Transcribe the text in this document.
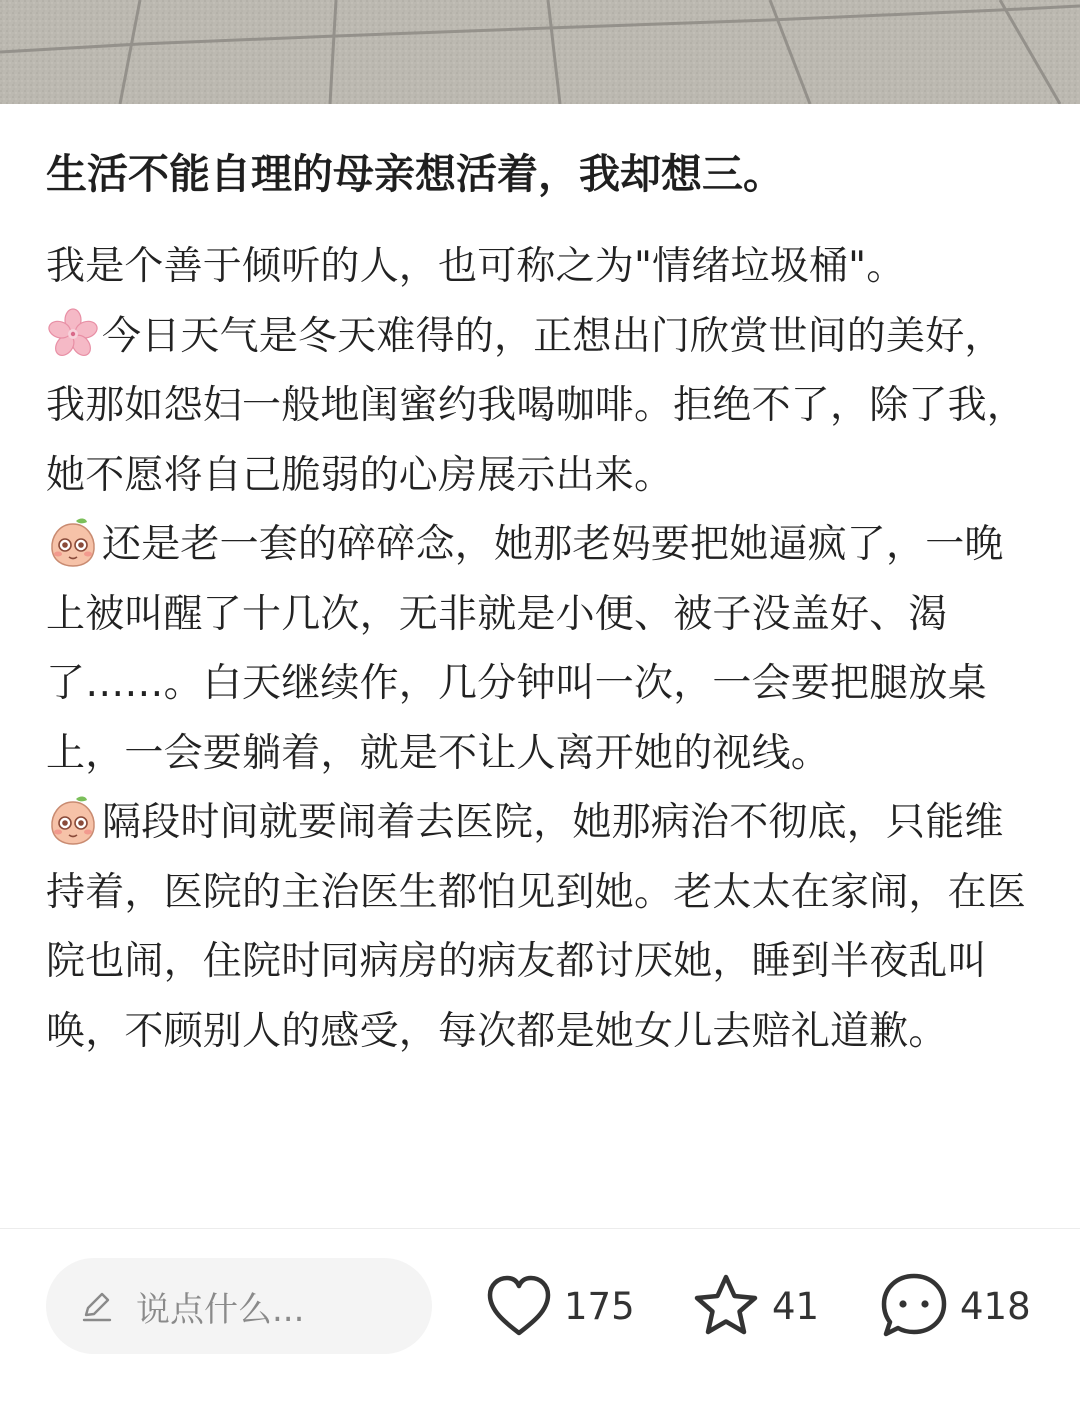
生活不能自理的母亲想活着，我却想三。

我是个善于倾听的人，也可称之为"情绪垃圾桶"。

今日天气是冬天难得的，正想出门欣赏世间的美好，我那如怨妇一般地闺蜜约我喝咖啡。拒绝不了，除了我，她不愿将自己脆弱的心房展示出来。

还是老一套的碎碎念，她那老妈要把她逼疯了，一晚上被叫醒了十几次，无非就是小便、被子没盖好、渴了……。白天继续作，几分钟叫一次，一会要把腿放桌上，一会要躺着，就是不让人离开她的视线。

隔段时间就要闹着去医院，她那病治不彻底，只能维持着，医院的主治医生都怕见到她。老太太在家闹，在医院也闹，住院时同病房的病友都讨厌她，睡到半夜乱叫唤，不顾别人的感受，每次都是她女儿去赔礼道歉。

说点什么...	175	41	418
